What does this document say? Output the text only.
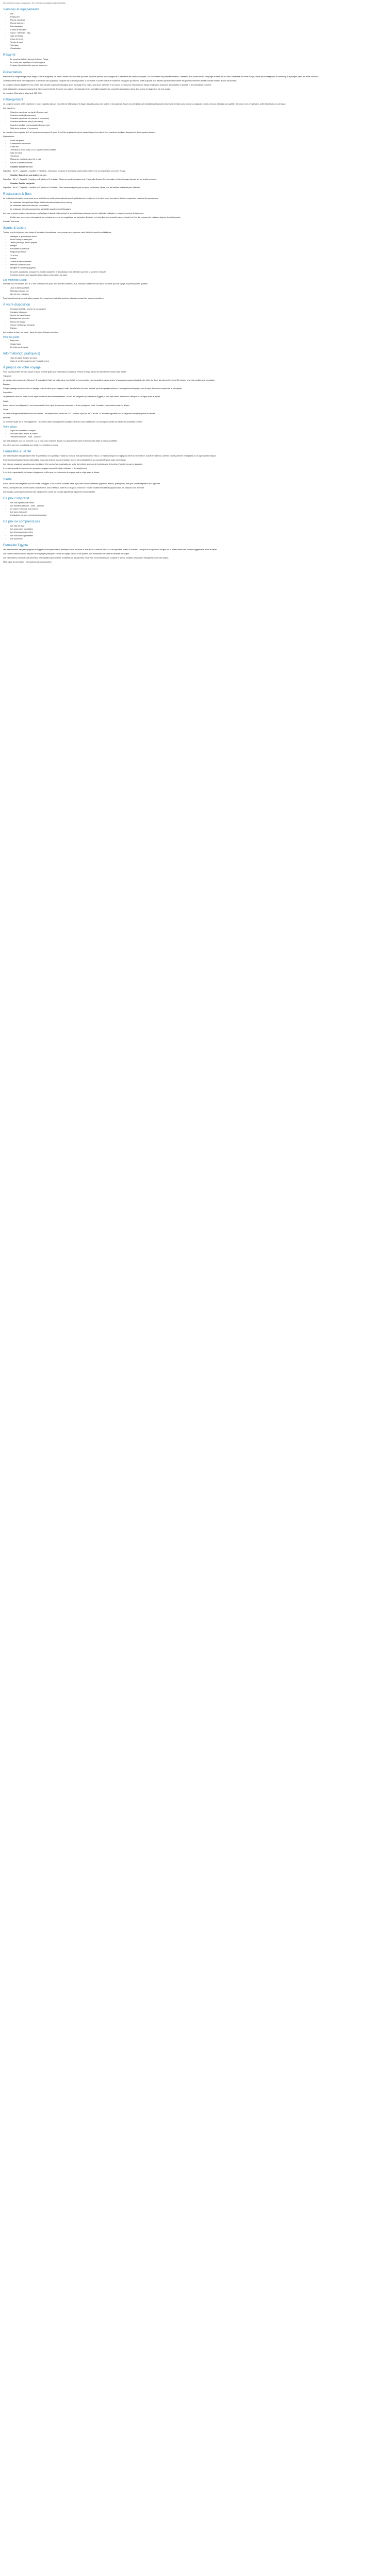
Description du parc campasoue. Ce n'est une compagnie qui l'animation
Services et équipements
• Wifi
• Restaurant
• Piscine extérieure
• Piscine intérieure
• Parc aquatique
• Centre de bien-être
• Sauna · Hammam · Spa
• Salle de fitness
• Cours de tennis
• Terrain de sport
• Télévision
• Climatisation
Résumé
• Le complexe hôtelier au bord de la mer Rouge
• Le centre parc aquatique et les toboggans
• L'espace Spa et bien-être pour se ressourcer
Présentation

Bienvenue au Steigenberger Aqua Magic ! Situé à Hurghada, cet hôtel 5 étoiles vous accueille pour des vacances placées sous le signe de la détente et des loisirs aquatiques. Sur un domaine de plusieurs hectares, il bénéficie d'un accès direct à une plage de sable fin aux eaux cristallines de la mer Rouge, idéale pour la baignade, le snorkeling et la plongée parmi les récifs coralliens.

L'établissement met à votre disposition un immense parc aquatique composé de plusieurs piscines, d'une rivière à courant lent et de nombreux toboggans qui raviront petits et grands. Les adultes apprécieront le calme des piscines réservées et des transats installés autour des bassins.

Le complexe dispose également d'un centre Spa complet proposant massages, soins du visage et du corps, ainsi qu'un hammam et un sauna. Un club pour enfants et une équipe d'animation proposent des activités en journée et des spectacles en soirée.

Côté restauration, plusieurs restaurants à thème vous invitent à découvrir une cuisine internationale et des spécialités égyptiennes, complétés par plusieurs bars, dont un bar de plage et un bar à la piscine.

Le complexe Club adhère à la charte ISO 9001.

Hébergement

Le complexe compte 1 066 chambres et suites réparties dans un ensemble de bâtiments de 3 étages disposés autour des jardins et des piscines. Toutes les chambres sont climatisées et équipées d'une salle de bains avec douche ou baignoire, sèche-cheveux, télévision par satellite, téléphone, mini-réfrigérateur, coffre-fort et balcon ou terrasse.

Les chambres :

• Chambre supérieure vue jardin (2 personnes)
• Chambre famille (4 personnes)
• Chambre supérieure vue piscine (2 personnes)
• Chambre famille vue mer (4 personnes)
• Chambre familiale communicante (6 personnes)
• Suite avec terrasse (4 personnes)

La chambre d'une capacité de 2 à 6 personnes comprend 1 grand lit ou 2 lits simples ainsi qu'un canapé-lit pour les enfants. Les chambres familiales disposent de deux espaces séparés.

Équipements :

• Accès wifi gratuit
• Climatisation individuelle
• Coffre-fort
• Télévision à écran plat (LCD 42") avec chaînes satellite
• Salle de bains
• Téléphone
• Plateau de courtoisie avec thé et café
• Balcon ou terrasse meublé
• Chambre Deluxe vue mer

Superficie : 40 m² – Capacité : 2 adultes et 2 enfants – Décoration moderne et lumineuse, grand balcon offrant une vue imprenable sur la mer Rouge.

• Chambre Supérieure vue jardin / vue mer

Superficie : 42 m² – Capacité : 3 adultes ou 2 adultes et 2 enfants – Située au rez-de-chaussée ou à l'étage, elle dispose d'un coin salon et d'une terrasse donnant sur les jardins tropicaux.

• Chambre Famille vue jardin

Superficie : 60 m² – Capacité : 4 adultes ou 2 adultes et 3 enfants – Deux espaces séparés par une porte coulissante, idéale pour les familles souhaitant plus d'intimité.

Restaurants & Bars

Le restaurant principal propose sous forme de buffet une cuisine internationale pour le petit-déjeuner, le déjeuner et le dîner, avec des soirées à thème organisées plusieurs fois par semaine.

• Le restaurant principal Aqua Magic : buffet international avec show-cooking
• Le restaurant italien à la carte (sur réservation)
• Le restaurant oriental proposant des spécialités égyptiennes et libanaises

Les bars se trouvent autour des piscines, sur la plage et dans le hall principal. Ils servent boissons chaudes, jus de fruits frais, cocktails et en-cas tout au long de la journée.

• Profitez des soirées sur la terrasse du bar principal avec une vue magnifique sur les jardins illuminés. Le Lobby Bar vous accueille jusqu'à minuit et la Pool Bar propose des collations légères durant la journée.

Formule Tout Inclus

Sports & Loisirs

Tout au long de la journée, une équipe d'animation internationale vous propose un programme varié d'activités sportives et ludiques.

• Aquagym et gymnastique douce
• Beach-volley et water-polo
• Tennis (éclairage de nuit payant)
• Minigolf
• Fléchettes et pétanque
• Ping-pong et billard
• Tir à l'arc
• Fitness
• Zumba et danse orientale
• Planche à voile et canoë
• Plongée et snorkeling (payant)
• En soirée, spectacles, musique live, soirées dansantes et discothèque vous attendent pour finir la journée en beauté.
• Certaines activités sont payantes et soumises à réservation sur place.
Les moments Ocluib

Mini-club pour les enfants de 4 à 12 ans ouvert tous les jours avec activités créatives, jeux, chasses au trésor et mini-disco, encadrés par une équipe de professionnels qualifiés.

• Jeux et ateliers créatifs
• Mini-disco chaque soir
• Aire de jeux extérieure

Pour les adolescents, un club ados propose des rencontres et activités sportives adaptées pendant les vacances scolaires.

À votre disposition
• Réception 24h/24 – service de conciergerie
• Consigne à bagages
• Service de blanchisserie
• Boutiques de souvenirs
• Bureau de change
• Service médical sur demande
• Parking

Les services à régler sur place : taxes de séjour, boissons et extras.

Pour les petits
• Baby-club
• Chaise haute
• Lit bébé sur demande
Information(s) pratique(s)
• Taxe de séjour à régler sur place
• Carte de crédit requise lors de l'enregistrement
À propos de votre voyage

Vous pourrez profiter de votre séjour en toute sérénité grâce aux informations ci-dessous. Prenez le temps de les lire attentivement avant votre départ.

Transport :

Le transfert aller-retour entre l'aéroport d'Hurghada et l'hôtel est inclus dans votre forfait. Un représentant vous accueillera à votre arrivée et vous accompagnera jusqu'à votre hôtel. La durée du trajet est d'environ 20 minutes selon les conditions de circulation.

Bagages :

Chaque passager peut emporter un bagage en soute ainsi qu'un bagage à main, dans la limite du poids autorisé par la compagnie aérienne. Les suppléments bagages sont à régler directement auprès de la compagnie.

Formalités :

Un passeport valide au moins 6 mois après la date de retour est nécessaire. Un visa est obligatoire pour entrer en Égypte ; il peut être obtenu à l'arrivée à l'aéroport ou en ligne avant le départ.

Santé :

Aucun vaccin n'est obligatoire. Il est recommandé d'être à jour des vaccins universels et de se protéger du soleil. Consultez votre médecin avant le départ.

Climat :

Le climat d'Hurghada est ensoleillé toute l'année. Les températures varient de 20 °C en hiver à plus de 35 °C en été. La mer reste agréable pour la baignade la majeure partie de l'année.

Monnaie :

La monnaie locale est la livre égyptienne. L'euro et le dollar sont largement acceptés dans les zones touristiques. Les principales cartes de crédit sont acceptées à l'hôtel.

Votre séjour
• Séjour en formule tout compris
• Vols aller-retour depuis la France
• Transferts aéroport – hôtel – aéroport

Les tarifs indiqués sont par personne, sur la base d'une chambre double. Les prix peuvent varier en fonction des dates et des disponibilités.

Ces offres sont non cumulables avec d'autres promotions en cours.

Formalités & Santé

Les ressortissants français doivent être en possession d'un passeport valide au moins 6 mois après la date de retour. Un visa touristique est exigé pour entrer sur le territoire. Il peut être obtenu à l'arrivée contre paiement en espèces ou en ligne avant le départ.

Pour les ressortissants d'autres nationalités, nous vous invitons à vous renseigner auprès de l'ambassade ou du consulat d'Égypte avant votre départ.

Les mineurs voyageant sans leurs parents doivent être munis d'une autorisation de sortie du territoire ainsi que de la photocopie de la pièce d'identité du parent signataire.

Il est recommandé de souscrire une assurance voyage couvrant les frais médicaux et de rapatriement.

Il est de la responsabilité de chaque voyageur de vérifier que ses documents de voyage sont en règle avant le départ.

Santé

Aucun vaccin n'est obligatoire pour se rendre en Égypte. Il est toutefois conseillé d'être à jour des vaccins universels (diphtérie, tétanos, poliomyélite) ainsi que contre l'hépatite A et la typhoïde.

Pensez à emporter une crème solaire à indice élevé, des lunettes de soleil et un chapeau. Buvez de l'eau en bouteille et évitez les glaçons dans les boissons hors de l'hôtel.

Une trousse à pharmacie contenant des médicaments contre les troubles digestifs est également recommandée.

Ce prix comprend
• Les vols réguliers aller-retour
• Les transferts aéroport – hôtel – aéroport
• Le séjour en formule tout compris
• Les taxes d'aéroport
• L'assistance de notre représentant sur place
Ce prix ne comprend pas
• Les frais de visa
• Les assurances facultatives
• Les dépenses personnelles
• Les excursions optionnelles
• Les pourboires
Formalité Egypte

Les ressortissants français voyageant en Égypte doivent présenter un passeport valide au moins 6 mois après la date de retour. Le visa peut être obtenu à l'arrivée à l'aéroport d'Hurghada ou en ligne sur le portail officiel des autorités égyptiennes avant le départ.

Les enfants mineurs doivent disposer de leur propre passeport. En cas de voyage sans l'un des parents, une autorisation de sortie du territoire est exigée.

Les informations ci-dessus sont données à titre indicatif et peuvent être modifiées par les autorités. Nous vous recommandons de consulter le site du ministère des Affaires étrangères avant votre départ.

Mise à jour des formalités : informations non contractuelles.
